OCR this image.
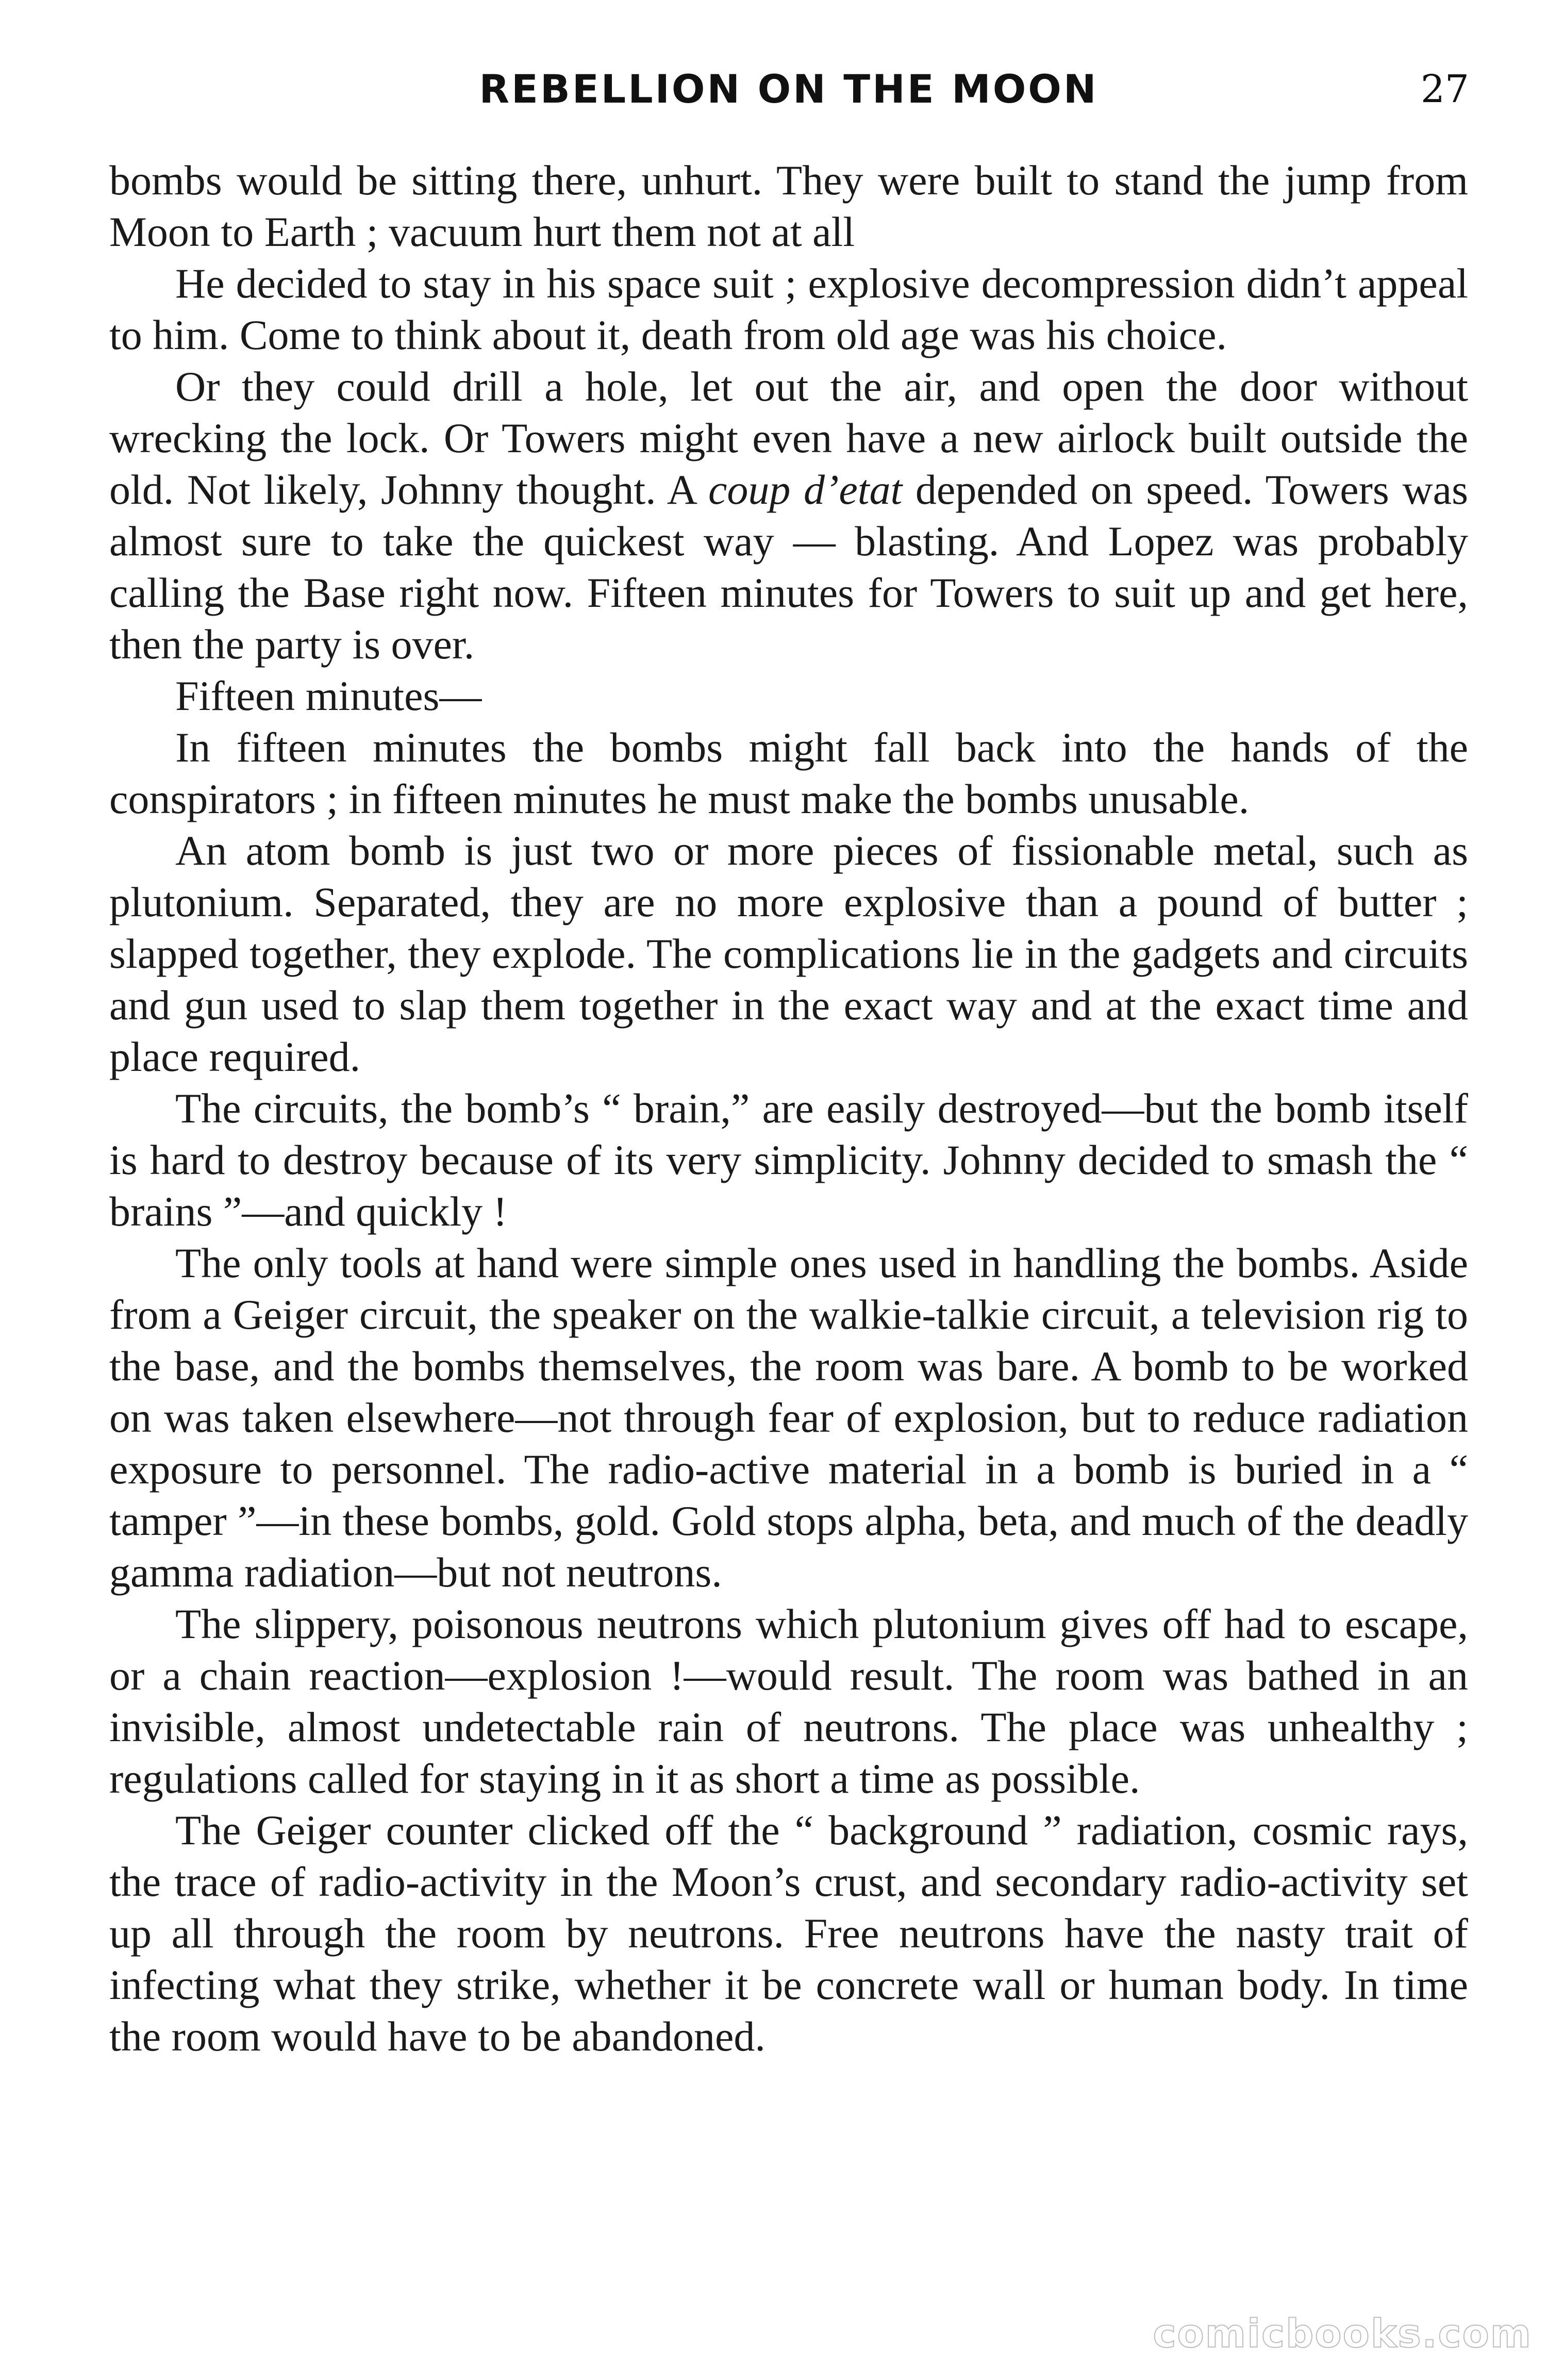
REBELLION ON THE MOON	27

bombs would be sitting there, unhurt. They were built to stand the jump from Moon to Earth ; vacuum hurt them not at all

He decided to stay in his space suit ; explosive decompression didn’t appeal to him. Come to think about it, death from old age was his choice.

Or they could drill a hole, let out the air, and open the door without wrecking the lock. Or Towers might even have a new airlock built outside the old. Not likely, Johnny thought. A coup d’etat depended on speed. Towers was almost sure to take the quickest way — blasting. And Lopez was probably calling the Base right now. Fifteen minutes for Towers to suit up and get here, then the party is over.

Fifteen minutes—

In fifteen minutes the bombs might fall back into the hands of the conspirators ; in fifteen minutes he must make the bombs unusable.

An atom bomb is just two or more pieces of fissionable metal, such as plutonium. Separated, they are no more explosive than a pound of butter ; slapped together, they explode. The complications lie in the gadgets and circuits and gun used to slap them together in the exact way and at the exact time and place required.

The circuits, the bomb’s “ brain,” are easily destroyed—but the bomb itself is hard to destroy because of its very simplicity. Johnny decided to smash the “ brains ”—and quickly !

The only tools at hand were simple ones used in handling the bombs. Aside from a Geiger circuit, the speaker on the walkie-talkie circuit, a television rig to the base, and the bombs themselves, the room was bare. A bomb to be worked on was taken elsewhere—not through fear of explosion, but to reduce radiation exposure to personnel. The radio-active material in a bomb is buried in a “ tamper ”—in these bombs, gold. Gold stops alpha, beta, and much of the deadly gamma radiation—but not neutrons.

The slippery, poisonous neutrons which plutonium gives off had to escape, or a chain reaction—explosion !—would result. The room was bathed in an invisible, almost undetectable rain of neutrons. The place was unhealthy ; regulations called for staying in it as short a time as possible.

The Geiger counter clicked off the “ background ” radiation, cosmic rays, the trace of radio-activity in the Moon’s crust, and secondary radio-activity set up all through the room by neutrons. Free neutrons have the nasty trait of infecting what they strike, whether it be concrete wall or human body. In time the room would have to be abandoned.

comicbooks.com
